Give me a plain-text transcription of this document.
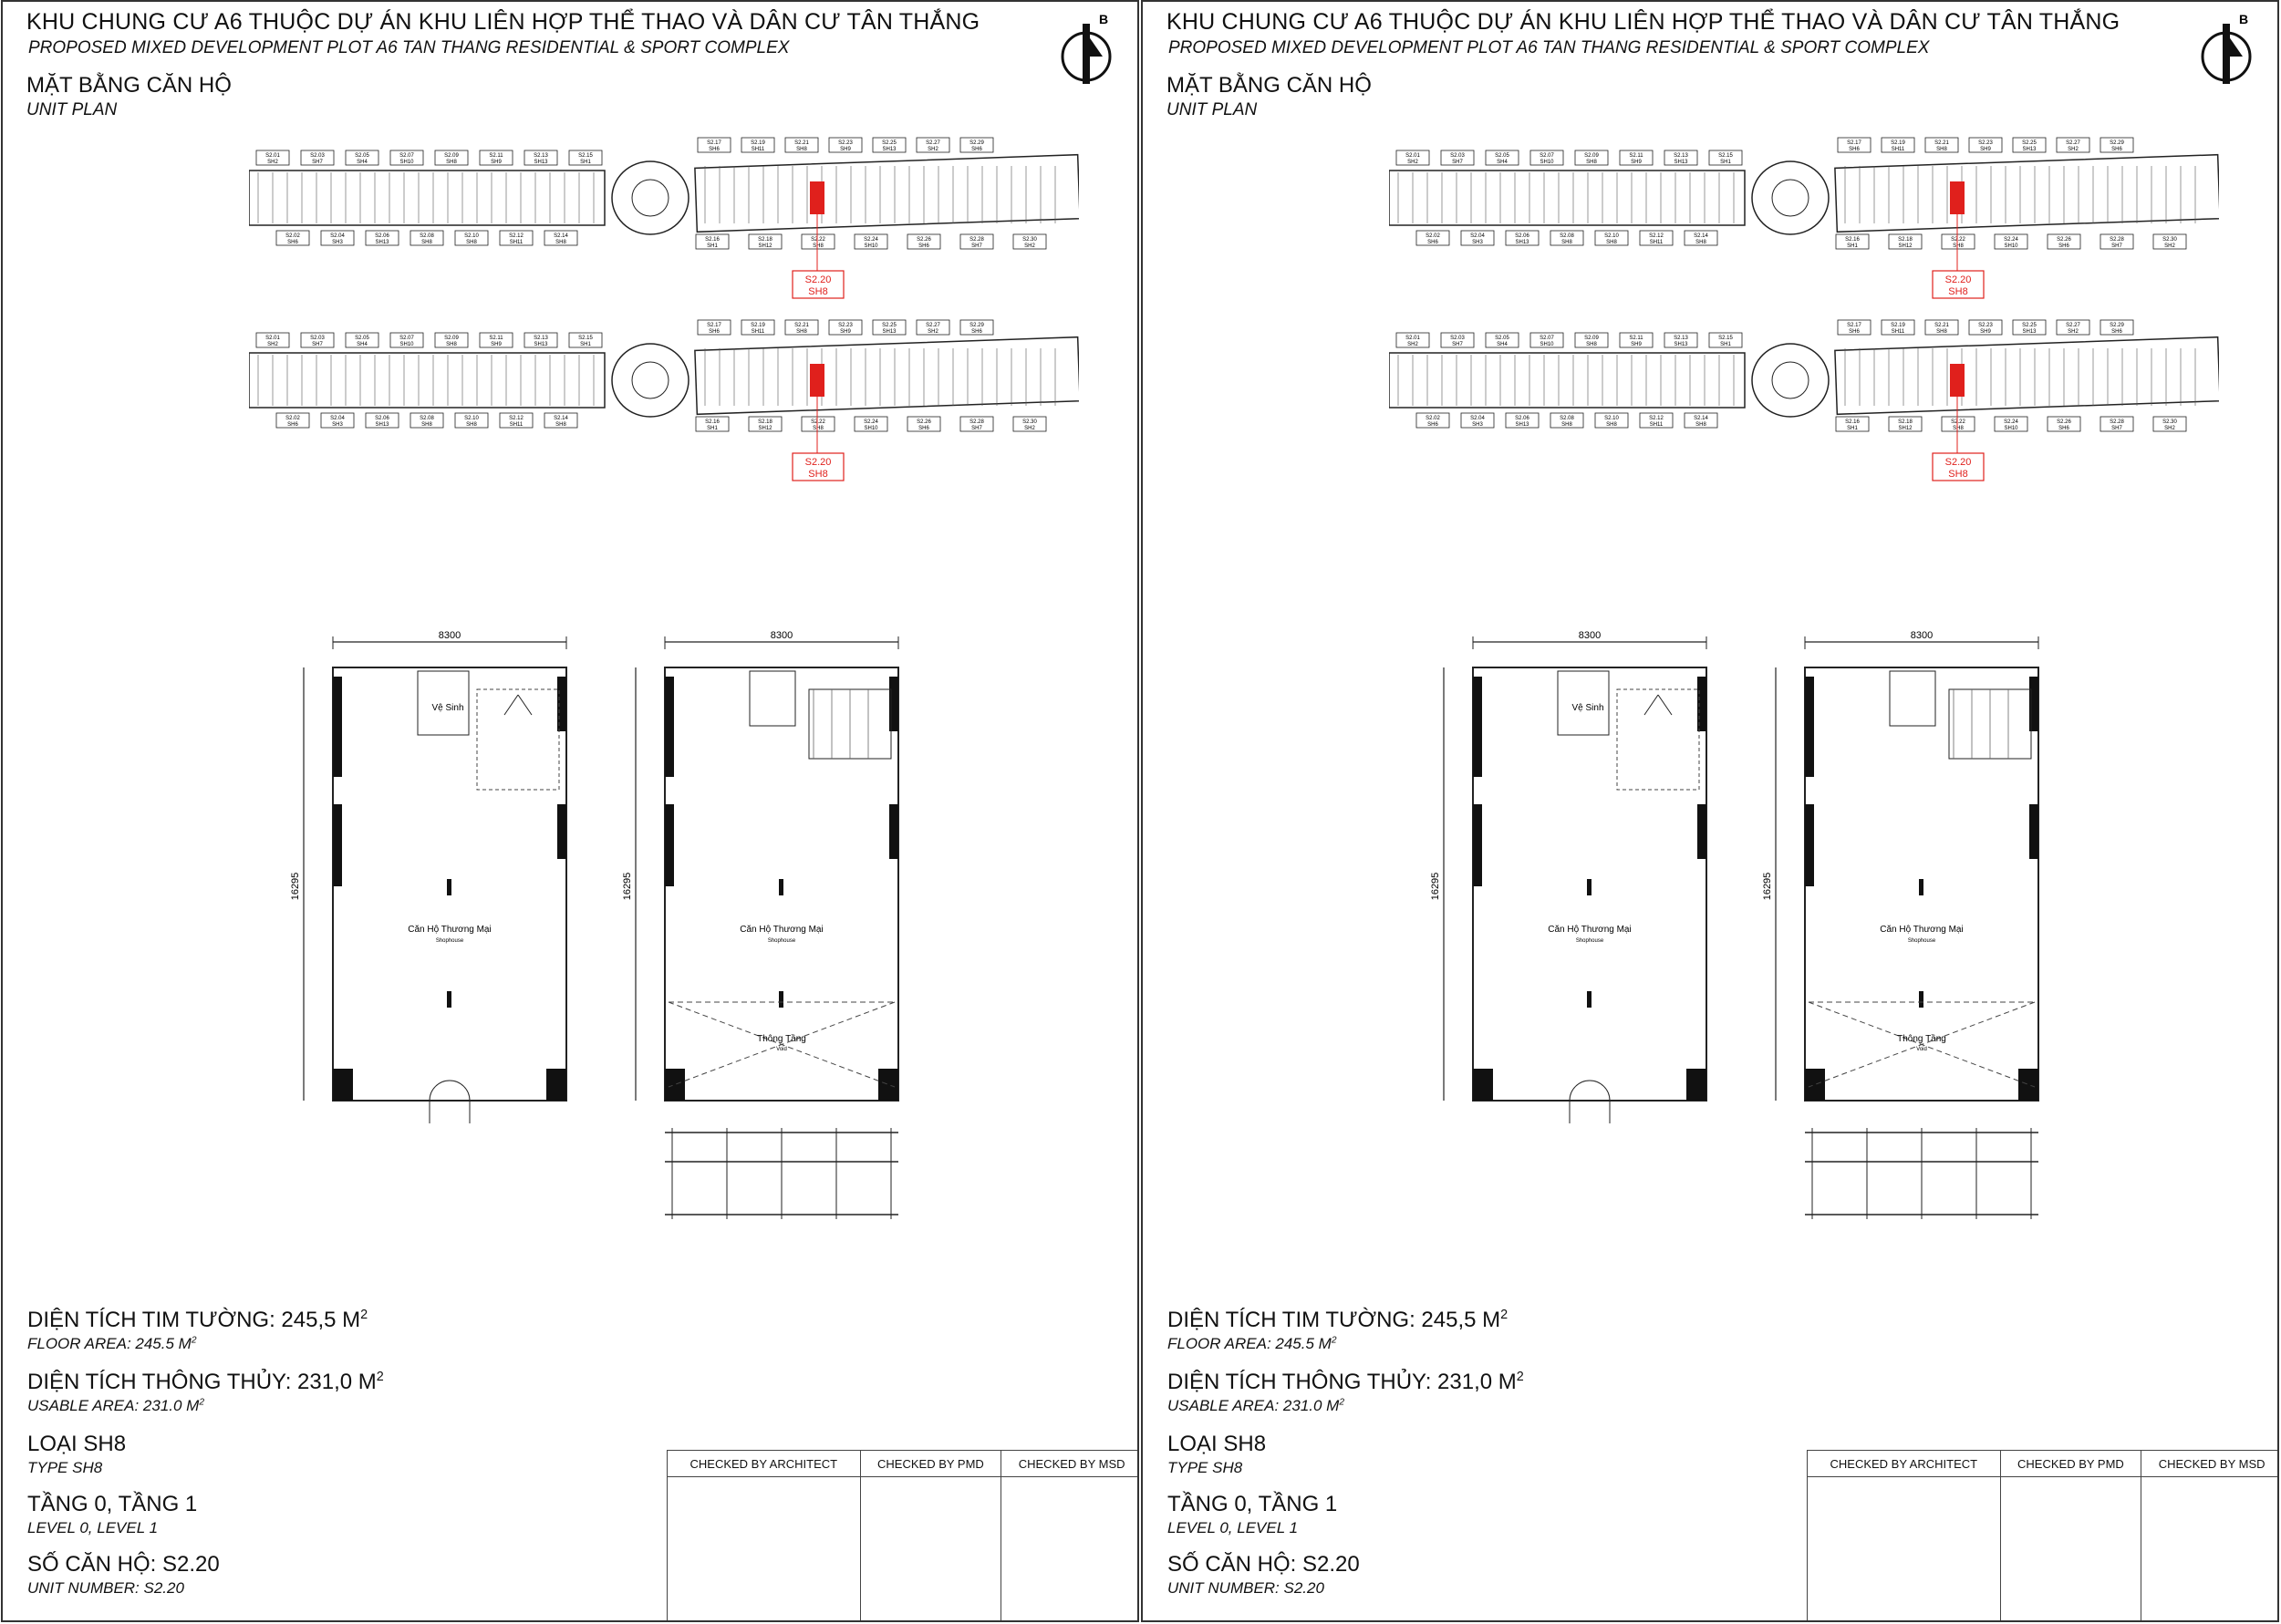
KHU CHUNG CƯ A6 THUỘC DỰ ÁN KHU LIÊN HỢP THỂ THAO VÀ DÂN CƯ TÂN THẮNG
PROPOSED MIXED DEVELOPMENT PLOT A6 TAN THANG RESIDENTIAL & SPORT COMPLEX
MẶT BẰNG CĂN HỘ
UNIT PLAN
B
S2.01
SH2
S2.03
SH7
S2.05
SH4
S2.07
SH10
S2.09
SH8
S2.11
SH9
S2.13
SH13
S2.15
SH1
S2.17
SH6
S2.19
SH11
S2.21
SH8
S2.23
SH9
S2.25
SH13
S2.27
SH2
S2.29
SH6
S2.02
SH6
S2.04
SH3
S2.06
SH13
S2.08
SH8
S2.10
SH8
S2.12
SH11
S2.14
SH8	S2.16
SH1
S2.18
SH12
S2.22
SH8
S2.24
SH10
S2.26
SH6
S2.28
SH7
S2.30
SH2
S2.20
SH8
S2.01
SH2
S2.03
SH7
S2.05
SH4
S2.07
SH10
S2.09
SH8
S2.11
SH9
S2.13
SH13
S2.15
SH1
S2.17
SH6
S2.19
SH11
S2.21
SH8
S2.23
SH9
S2.25
SH13
S2.27
SH2
S2.29
SH6
S2.02
SH6
S2.04
SH3
S2.06
SH13
S2.08
SH8
S2.10
SH8
S2.12
SH11
S2.14
SH8	S2.16
SH1
S2.18
SH12
S2.22
SH8
S2.24
SH10
S2.26
SH6
S2.28
SH7
S2.30
SH2
S2.20
SH8
8300
16295
Vệ Sinh
Căn Hộ Thương Mại
Shophouse
8300
16295
Căn Hộ Thương Mại
Shophouse
Thông Tầng
Void
DIỆN TÍCH TIM TƯỜNG: 245,5 $M^2$
FLOOR AREA: 245.5 $M^2$
DIỆN TÍCH THÔNG THỦY: 231,0 $M^2$
USABLE AREA: 231.0 $M^2$
LOẠI SH8
TYPE SH8
TẦNG 0, TẦNG 1
LEVEL 0, LEVEL 1
SỐ CĂN HỘ: S2.20
UNIT NUMBER: S2.20
CHECKED BY ARCHITECT	CHECKED BY PMD	CHECKED BY MSD

KHU CHUNG CƯ A6 THUỘC DỰ ÁN KHU LIÊN HỢP THỂ THAO VÀ DÂN CƯ TÂN THẮNG
PROPOSED MIXED DEVELOPMENT PLOT A6 TAN THANG RESIDENTIAL & SPORT COMPLEX
MẶT BẰNG CĂN HỘ
UNIT PLAN
B
S2.01
SH2
S2.03
SH7
S2.05
SH4
S2.07
SH10
S2.09
SH8
S2.11
SH9
S2.13
SH13
S2.15
SH1
S2.17
SH6
S2.19
SH11
S2.21
SH8
S2.23
SH9
S2.25
SH13
S2.27
SH2
S2.29
SH6
S2.02
SH6
S2.04
SH3
S2.06
SH13
S2.08
SH8
S2.10
SH8
S2.12
SH11
S2.14
SH8	S2.16
SH1
S2.18
SH12
S2.22
SH8
S2.24
SH10
S2.26
SH6
S2.28
SH7
S2.30
SH2
S2.20
SH8
S2.01
SH2
S2.03
SH7
S2.05
SH4
S2.07
SH10
S2.09
SH8
S2.11
SH9
S2.13
SH13
S2.15
SH1
S2.17
SH6
S2.19
SH11
S2.21
SH8
S2.23
SH9
S2.25
SH13
S2.27
SH2
S2.29
SH6
S2.02
SH6
S2.04
SH3
S2.06
SH13
S2.08
SH8
S2.10
SH8
S2.12
SH11
S2.14
SH8	S2.16
SH1
S2.18
SH12
S2.22
SH8
S2.24
SH10
S2.26
SH6
S2.28
SH7
S2.30
SH2
S2.20
SH8
8300
16295
Vệ Sinh
Căn Hộ Thương Mại
Shophouse
8300
16295
Căn Hộ Thương Mại
Shophouse
Thông Tầng
Void
DIỆN TÍCH TIM TƯỜNG: 245,5 $M^2$
FLOOR AREA: 245.5 $M^2$
DIỆN TÍCH THÔNG THỦY: 231,0 $M^2$
USABLE AREA: 231.0 $M^2$
LOẠI SH8
TYPE SH8
TẦNG 0, TẦNG 1
LEVEL 0, LEVEL 1
SỐ CĂN HỘ: S2.20
UNIT NUMBER: S2.20
CHECKED BY ARCHITECT	CHECKED BY PMD	CHECKED BY MSD
